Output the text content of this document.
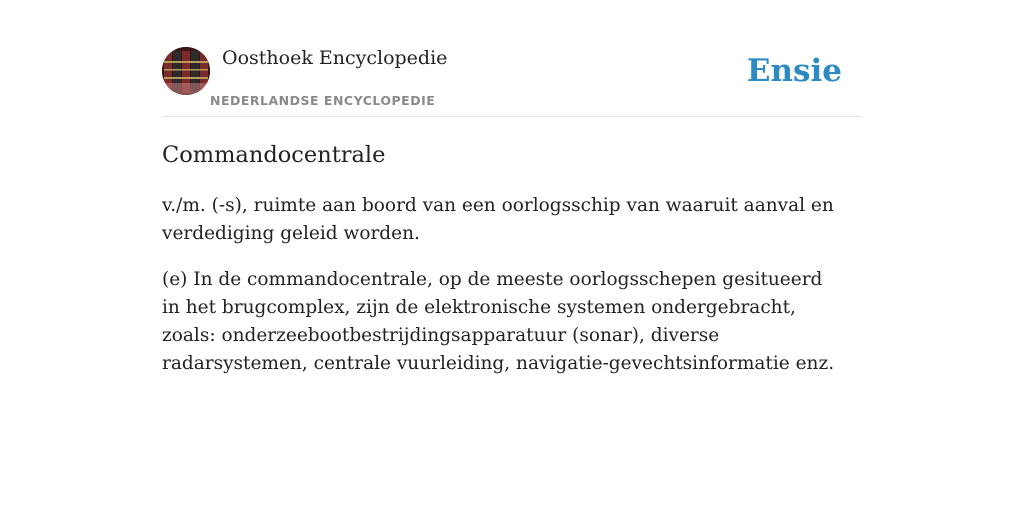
Oosthoek Encyclopedie
NEDERLANDSE ENCYCLOPEDIE
Ensie
Commandocentrale

v./m. (-s), ruimte aan boord van een oorlogsschip van waaruit aanval en verdediging geleid worden.

(e) In de commandocentrale, op de meeste oorlogsschepen gesitueerd in het brugcomplex, zijn de elektronische systemen ondergebracht, zoals: onderzeebootbestrijdingsapparatuur (sonar), diverse radarsystemen, centrale vuurleiding, navigatie-gevechtsinformatie enz.
